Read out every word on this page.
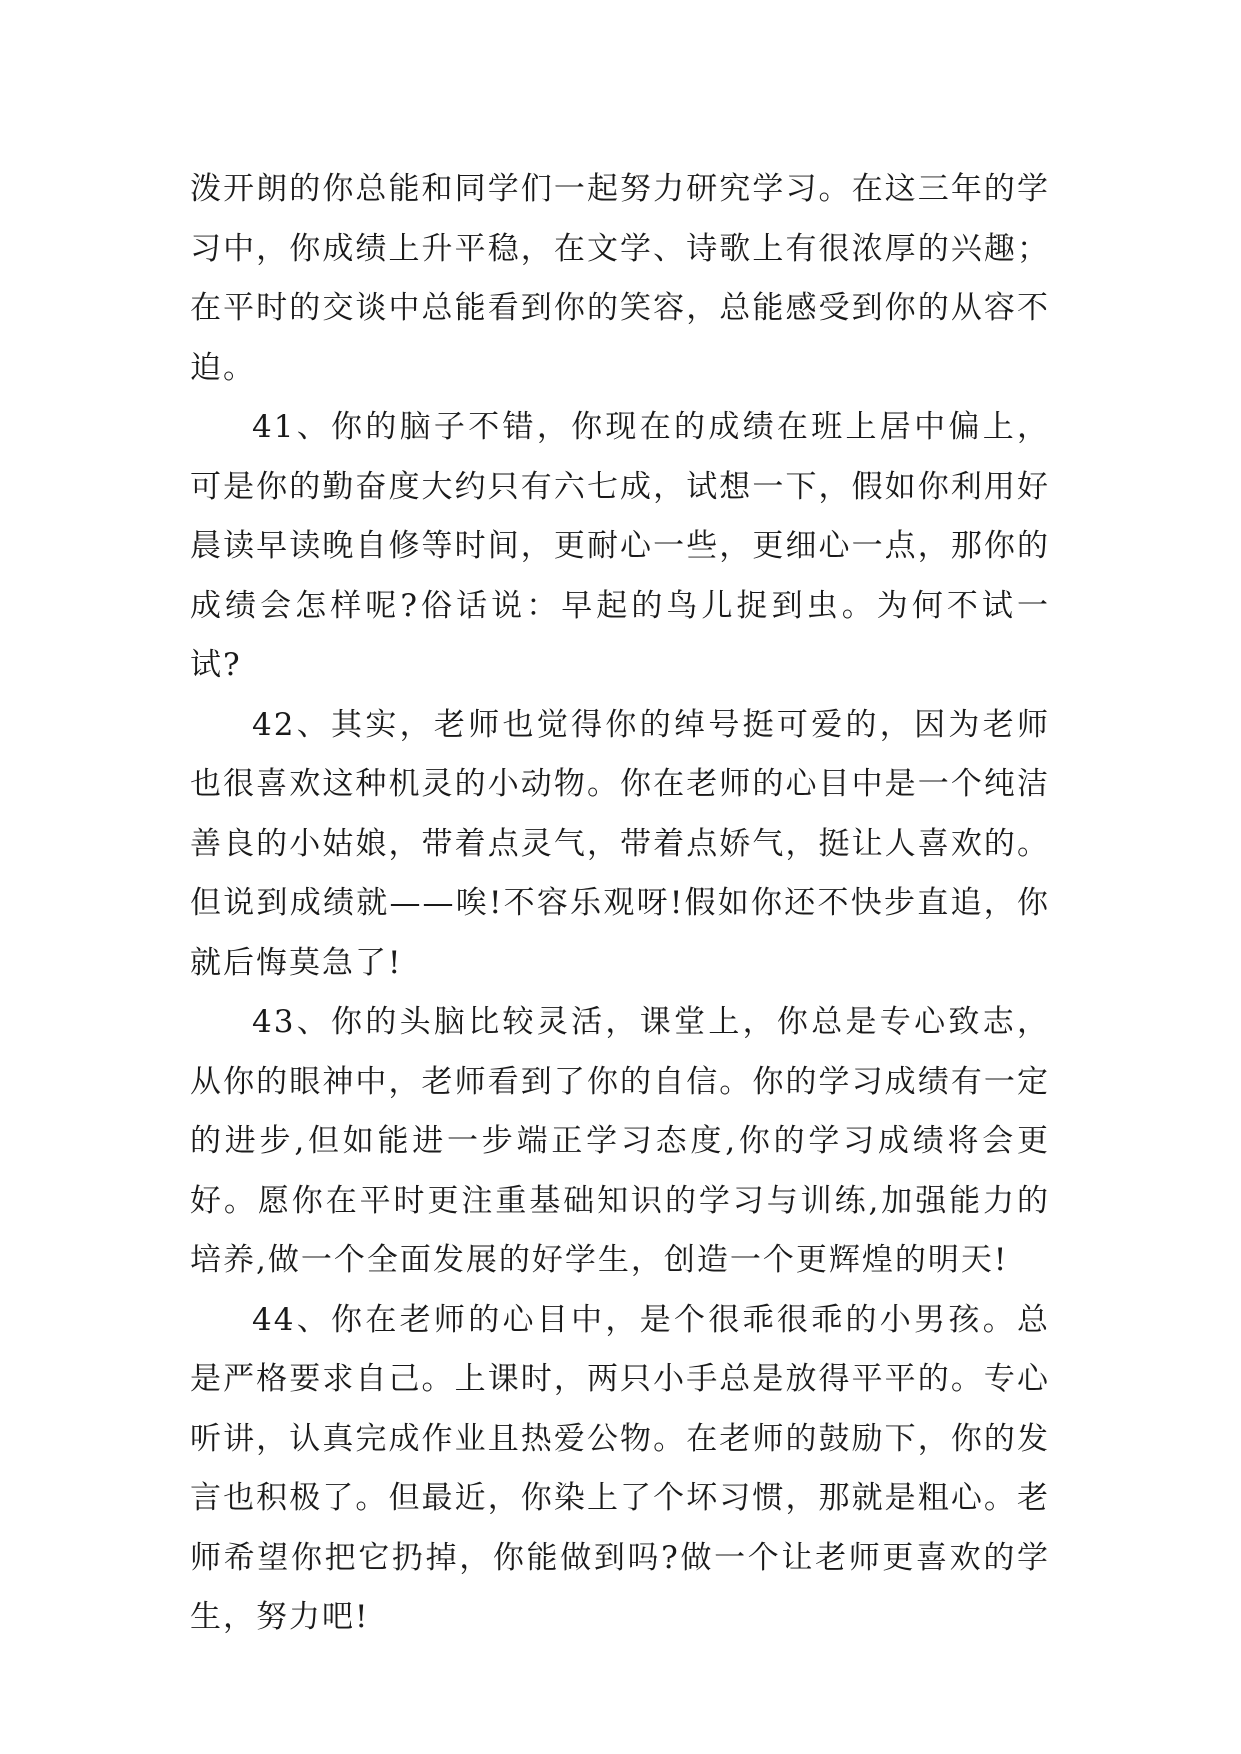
泼开朗的你总能和同学们一起努力研究学习。在这三年的学习中，你成绩上升平稳，在文学、诗歌上有很浓厚的兴趣；在平时的交谈中总能看到你的笑容，总能感受到你的从容不迫。

41、你的脑子不错，你现在的成绩在班上居中偏上，可是你的勤奋度大约只有六七成，试想一下，假如你利用好晨读早读晚自修等时间，更耐心一些，更细心一点，那你的成绩会怎样呢?俗话说：早起的鸟儿捉到虫。为何不试一试?

42、其实，老师也觉得你的绰号挺可爱的，因为老师也很喜欢这种机灵的小动物。你在老师的心目中是一个纯洁善良的小姑娘，带着点灵气，带着点娇气，挺让人喜欢的。但说到成绩就——唉!不容乐观呀!假如你还不快步直追，你就后悔莫急了!

43、你的头脑比较灵活，课堂上，你总是专心致志，从你的眼神中，老师看到了你的自信。你的学习成绩有一定的进步,但如能进一步端正学习态度,你的学习成绩将会更好。愿你在平时更注重基础知识的学习与训练,加强能力的培养,做一个全面发展的好学生，创造一个更辉煌的明天!

44、你在老师的心目中，是个很乖很乖的小男孩。总是严格要求自己。上课时，两只小手总是放得平平的。专心听讲，认真完成作业且热爱公物。在老师的鼓励下，你的发言也积极了。但最近，你染上了个坏习惯，那就是粗心。老师希望你把它扔掉，你能做到吗?做一个让老师更喜欢的学生，努力吧!
